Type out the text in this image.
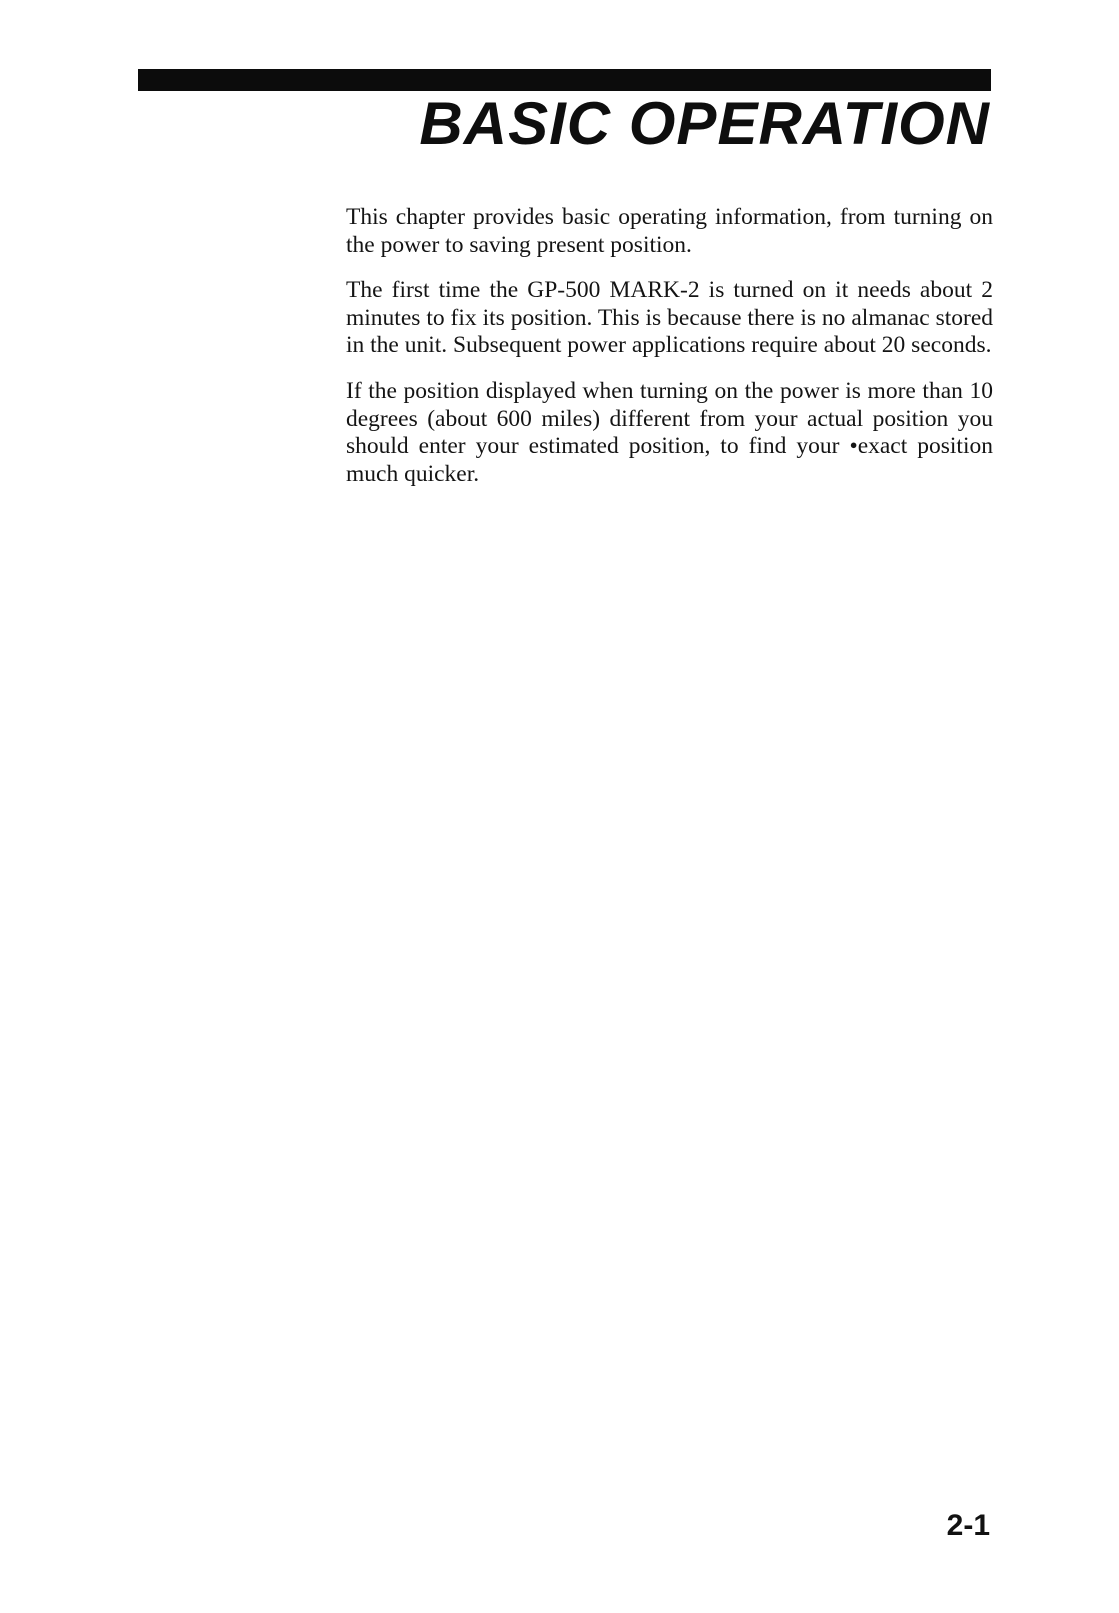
BASIC OPERATION

This chapter provides basic operating information, from turning on the power to saving present position.

The first time the GP-500 MARK-2 is turned on it needs about 2 minutes to fix its position. This is because there is no almanac stored in the unit. Subsequent power applications require about 20 seconds.

If the position displayed when turning on the power is more than 10 degrees (about 600 miles) different from your actual position you should enter your estimated position, to find your •exact position much quicker.

2-1
